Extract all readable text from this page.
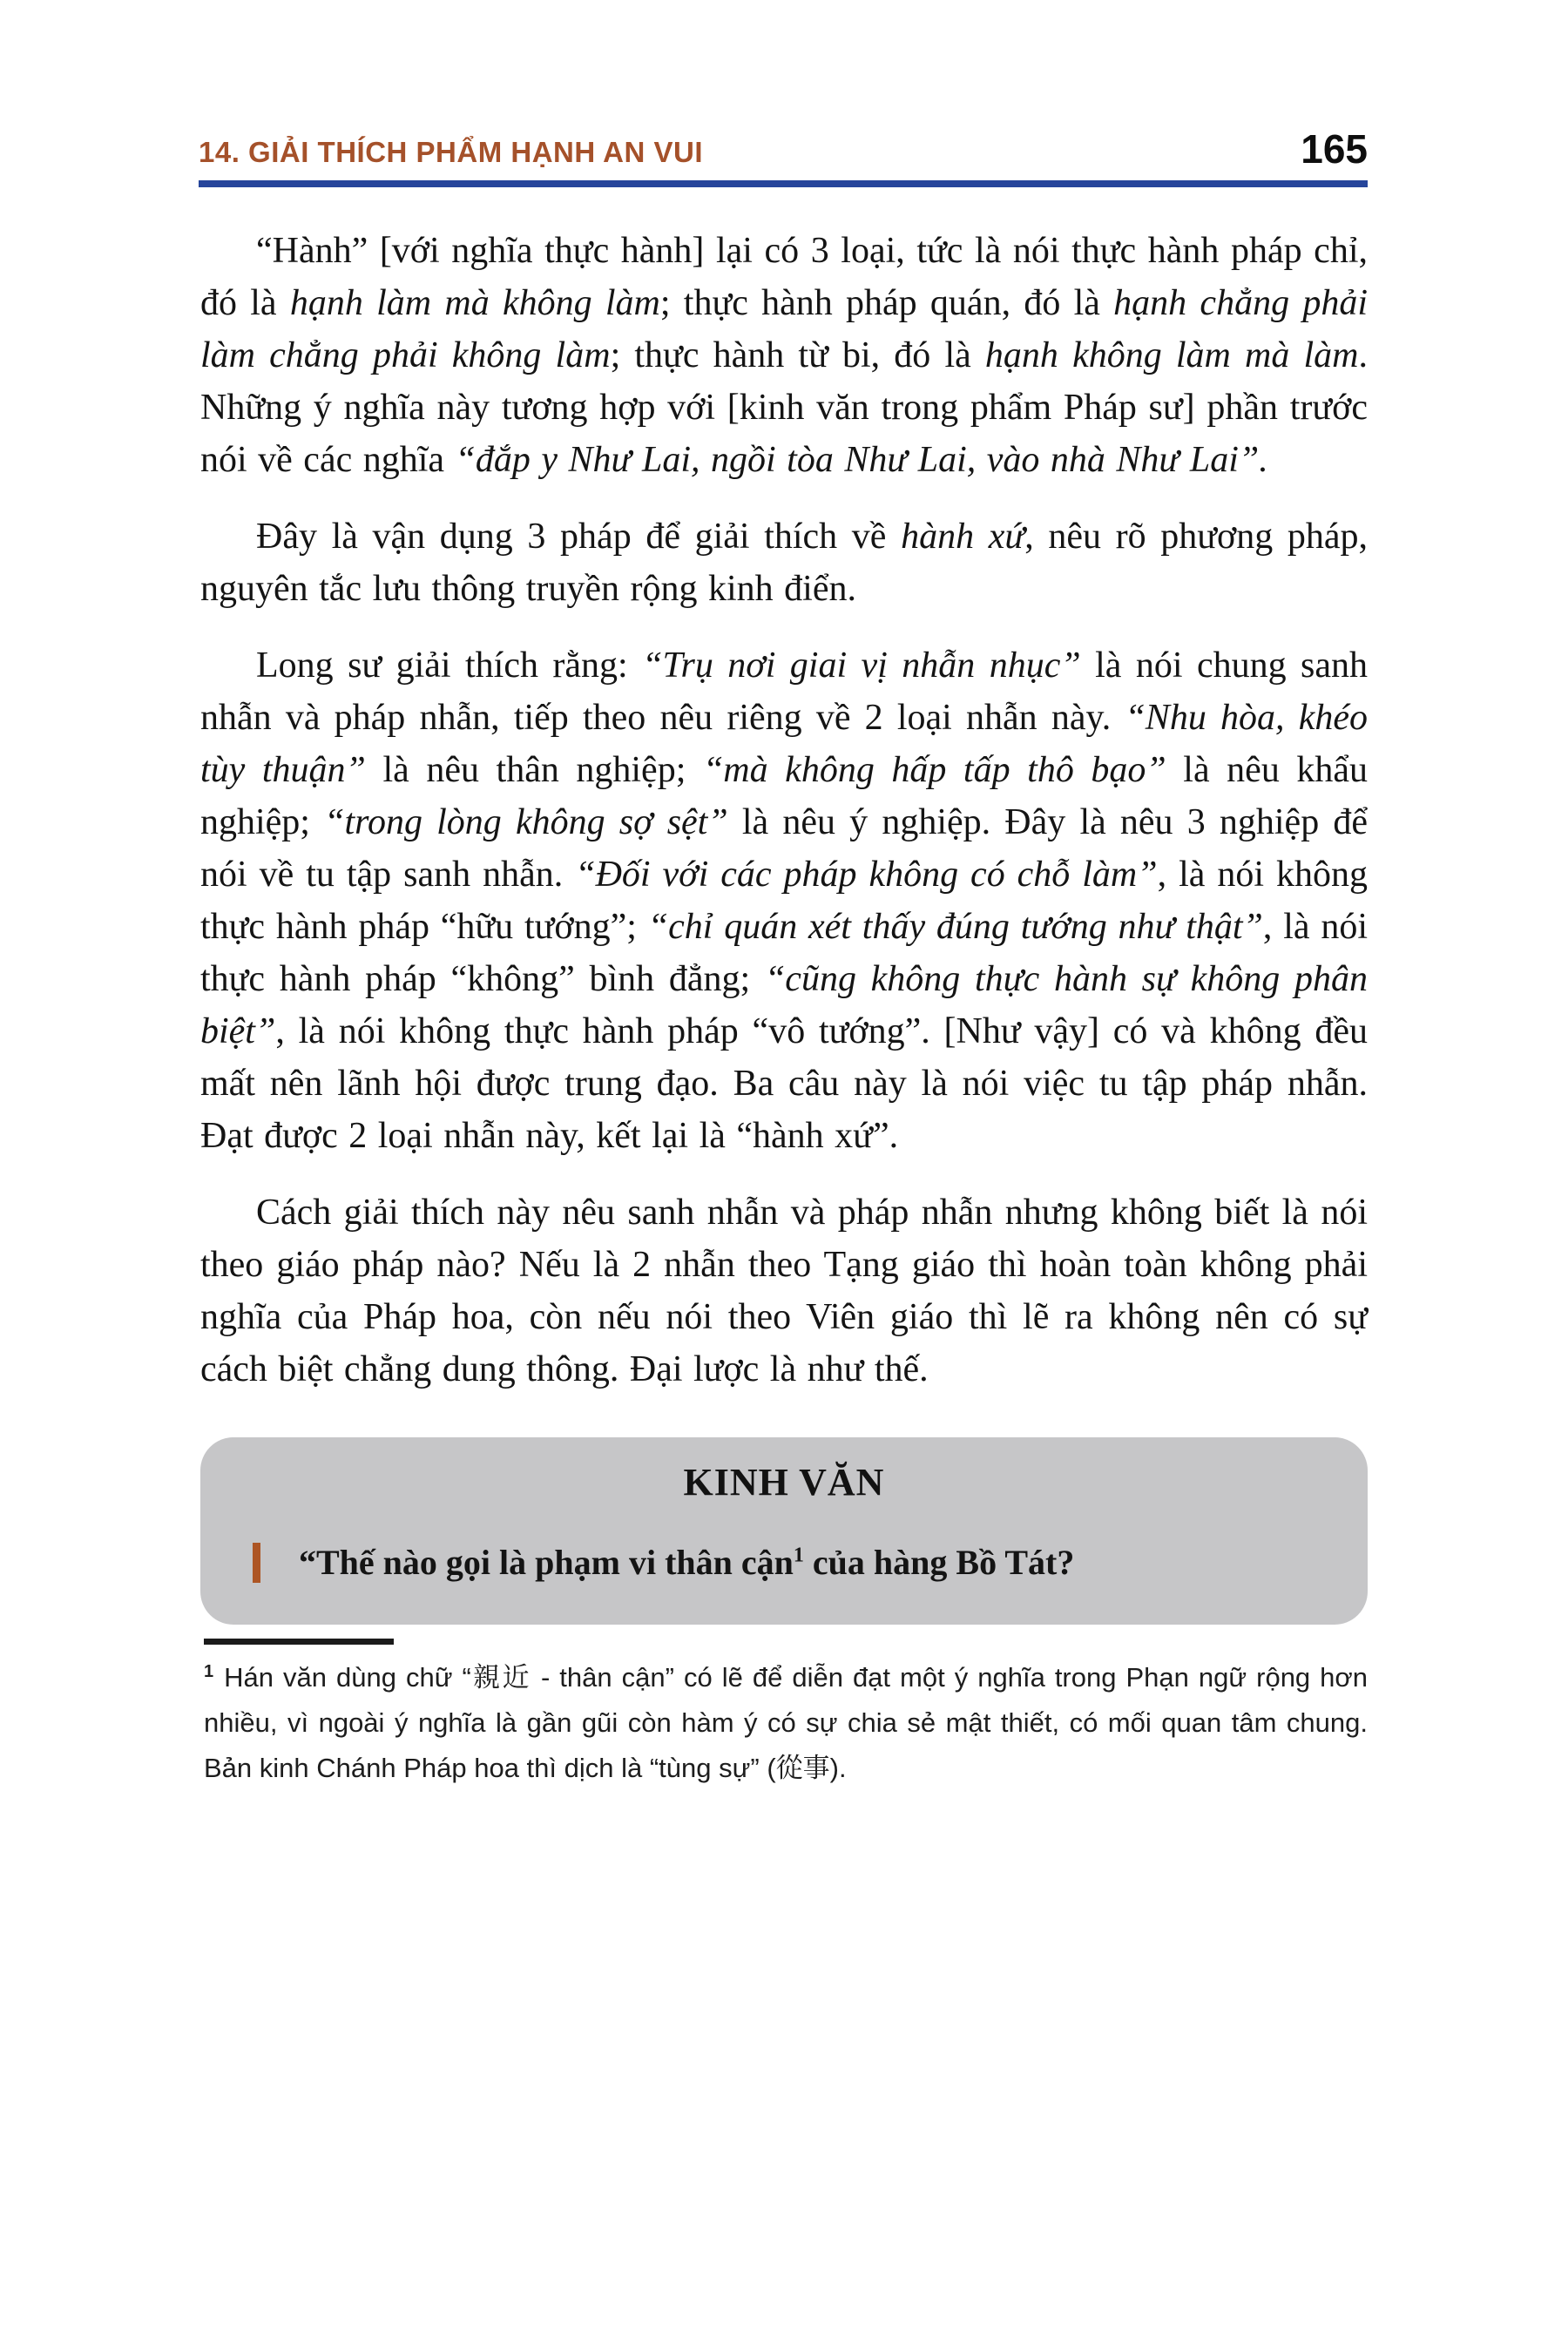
14. GIẢI THÍCH PHẨM HẠNH AN VUI	165

“Hành” [với nghĩa thực hành] lại có 3 loại, tức là nói thực hành pháp chỉ, đó là hạnh làm mà không làm; thực hành pháp quán, đó là hạnh chẳng phải làm chẳng phải không làm; thực hành từ bi, đó là hạnh không làm mà làm. Những ý nghĩa này tương hợp với [kinh văn trong phẩm Pháp sư] phần trước nói về các nghĩa “đắp y Như Lai, ngồi tòa Như Lai, vào nhà Như Lai”.

Đây là vận dụng 3 pháp để giải thích về hành xứ, nêu rõ phương pháp, nguyên tắc lưu thông truyền rộng kinh điển.

Long sư giải thích rằng: “Trụ nơi giai vị nhẫn nhục” là nói chung sanh nhẫn và pháp nhẫn, tiếp theo nêu riêng về 2 loại nhẫn này. “Nhu hòa, khéo tùy thuận” là nêu thân nghiệp; “mà không hấp tấp thô bạo” là nêu khẩu nghiệp; “trong lòng không sợ sệt” là nêu ý nghiệp. Đây là nêu 3 nghiệp để nói về tu tập sanh nhẫn. “Đối với các pháp không có chỗ làm”, là nói không thực hành pháp “hữu tướng”; “chỉ quán xét thấy đúng tướng như thật”, là nói thực hành pháp “không” bình đẳng; “cũng không thực hành sự không phân biệt”, là nói không thực hành pháp “vô tướng”. [Như vậy] có và không đều mất nên lãnh hội được trung đạo. Ba câu này là nói việc tu tập pháp nhẫn. Đạt được 2 loại nhẫn này, kết lại là “hành xứ”.

Cách giải thích này nêu sanh nhẫn và pháp nhẫn nhưng không biết là nói theo giáo pháp nào? Nếu là 2 nhẫn theo Tạng giáo thì hoàn toàn không phải nghĩa của Pháp hoa, còn nếu nói theo Viên giáo thì lẽ ra không nên có sự cách biệt chẳng dung thông. Đại lược là như thế.

KINH VĂN

“Thế nào gọi là phạm vi thân cận$^1$ của hàng Bồ Tát?

$^1$ Hán văn dùng chữ “親近 - thân cận” có lẽ để diễn đạt một ý nghĩa trong Phạn ngữ rộng hơn nhiều, vì ngoài ý nghĩa là gần gũi còn hàm ý có sự chia sẻ mật thiết, có mối quan tâm chung. Bản kinh Chánh Pháp hoa thì dịch là “tùng sự” (從事).
